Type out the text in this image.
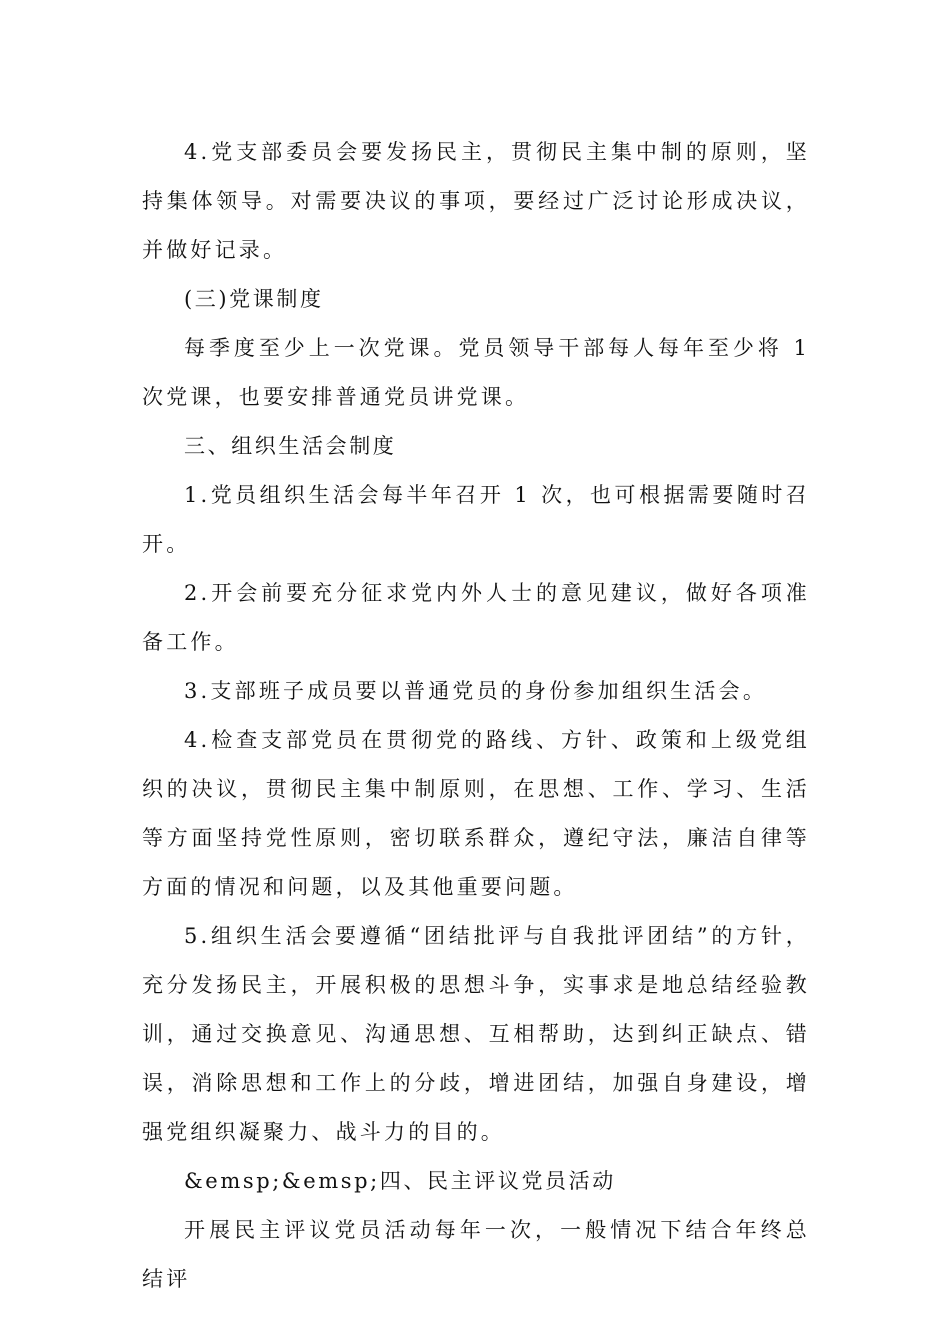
4.党支部委员会要发扬民主，贯彻民主集中制的原则，坚持集体领导。对需要决议的事项，要经过广泛讨论形成决议，并做好记录。

(三)党课制度

每季度至少上一次党课。党员领导干部每人每年至少将 1 次党课，也要安排普通党员讲党课。

三、组织生活会制度

1.党员组织生活会每半年召开 1 次，也可根据需要随时召开。

2.开会前要充分征求党内外人士的意见建议，做好各项准备工作。

3.支部班子成员要以普通党员的身份参加组织生活会。

4.检查支部党员在贯彻党的路线、方针、政策和上级党组织的决议，贯彻民主集中制原则，在思想、工作、学习、生活等方面坚持党性原则，密切联系群众，遵纪守法，廉洁自律等方面的情况和问题，以及其他重要问题。

5.组织生活会要遵循“团结批评与自我批评团结”的方针，充分发扬民主，开展积极的思想斗争，实事求是地总结经验教训，通过交换意见、沟通思想、互相帮助，达到纠正缺点、错误，消除思想和工作上的分歧，增进团结，加强自身建设，增强党组织凝聚力、战斗力的目的。

&emsp;&emsp;四、民主评议党员活动

开展民主评议党员活动每年一次，一般情况下结合年终总结评
